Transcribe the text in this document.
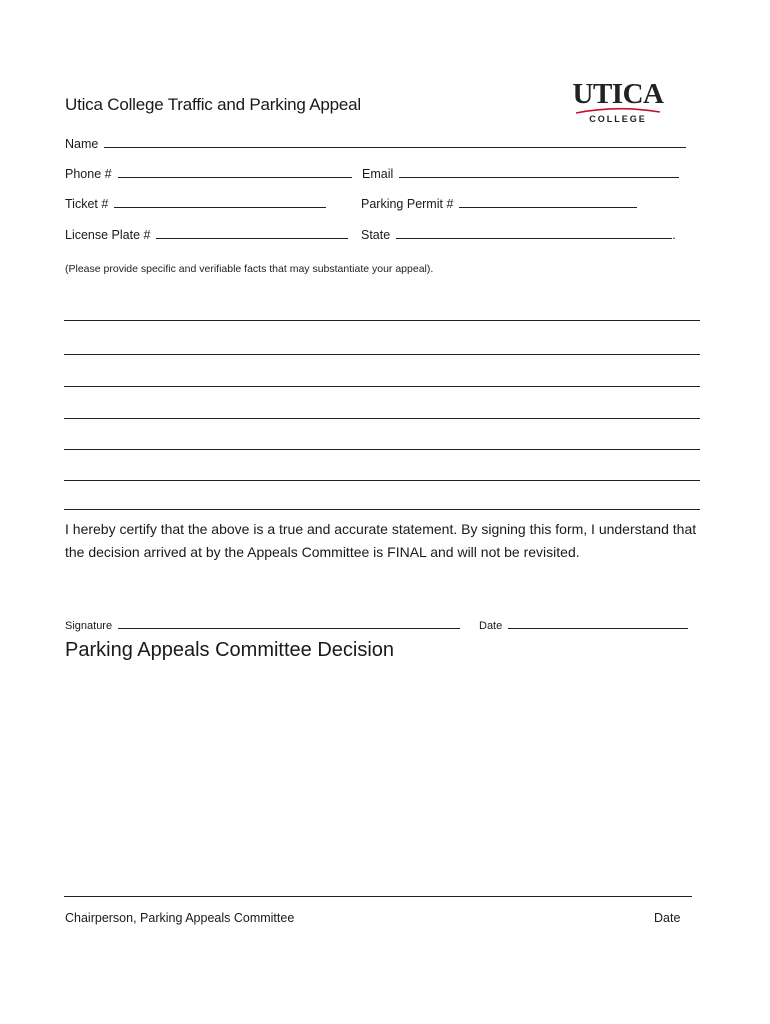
Utica College Traffic and Parking Appeal	UTICA
COLLEGE
Name
Phone #	Email
Ticket #	Parking Permit #
License Plate #	State	.
(Please provide specific and verifiable facts that may substantiate your appeal).
I hereby certify that the above is a true and accurate statement. By signing this form, I understand that the decision arrived at by the Appeals Committee is FINAL and will not be revisited.
Signature	Date
Parking Appeals Committee Decision
Chairperson, Parking Appeals Committee	Date
